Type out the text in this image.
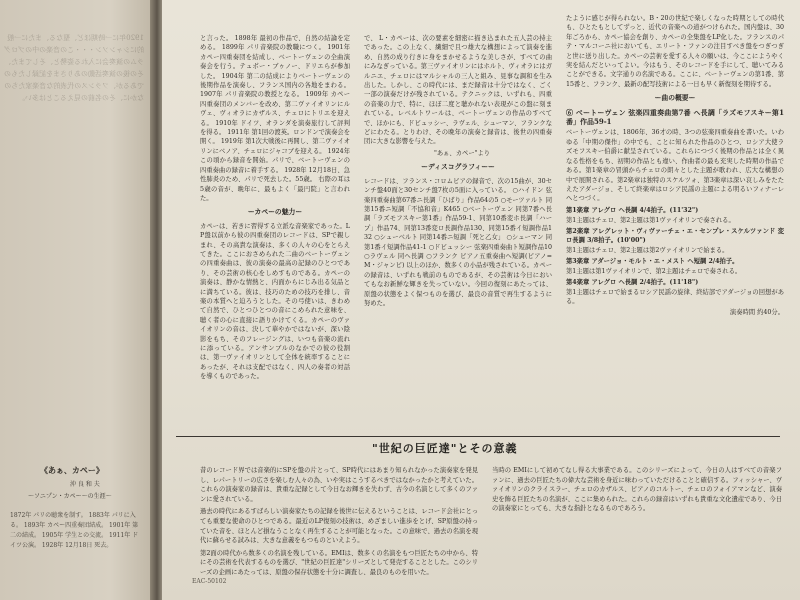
1920年に一時期ほど、聖なる、またに一般的にシャンソン・・・この音楽の中のプログラムの演奏会に入れる姿勢と、そしてまた、その後の演奏活動のありさまを記録したものであるが、フランスの代表的な音楽家たちのなかに、その名前の見えることは多い。
《あぁ、カペー》
沖 良 和 夫
〜ソニプン・カペー〜の生涯〜
1872年 パリの聴衆を制す。 1883年 パリに入る。 1893年 カペー四重奏団結成。 1901年 第二の結成。 1905年 学生との交流。 1911年 ドイツ公演。 1928年 12月18日 死去。

と言った。 1898年 最初の作品で、自然の結論を定める。 1899年 パリ音楽院の教職につく。 1901年 カペー四重奏団を結成し、ベートーヴェンの全曲演奏会を行う。テュボー・ブゥノー、ドリエらが参加した。 1904年 第二の結成によりベートーヴェンの後期作品を演奏し、フランス国内の各地をまわる。 1907年 パリ音楽院の教授となる。 1909年 カペー四重奏団のメンバーを改め、第二ヴァイオリンにルヴェ、ヴィオラにカザルス、チェロにトリエを迎える。 1910年 ドイツ、オランダを演奏旅行して評判を得る。 1911年 第1回の渡英。ロンドンで演奏会を開く。 1919年 第1次大戦後に再開し、第二ヴァイオリンにベノア、チェロにジャコブを迎える。 1924年 この頃から録音を開始。パリで、ベートーヴェンの四重奏曲の録音に着手する。 1928年 12月18日、急性肺炎のため、パリで死去した。55歳。 右際の耳は5歳の音が、晩年に、最もよく「最円院」と言われた。

ーカペーの魅力ー

カペーは、若きに習得する立派な音楽家であった。LP盤以前から彼の四重奏団のレコードは、SPで親しまれ、その高貴な演奏は、多くの人々の心をとらえてきた。ここにおさめられた二曲のベートーヴェンの四重奏曲は、彼の演奏の最高の記録のひとつであり、その芸術の核心をしめすものである。カペーの演奏は、静かな情熱と、内面からにじみ出る気品とに満ちている。彼は、技巧のための技巧を排し、音楽の本質へと迫ろうとした。その弓使いは、きわめて自然で、ひとつひとつの音にこめられた意味を、聴く者の心に直接に語りかけてくる。カペーのヴァイオリンの音は、決して華やかではないが、深い陰影をもち、そのフレージングは、いつも音楽の流れに添っている。アンサンブルのなかでの彼の役割は、第一ヴァイオリンとして全体を統率することにあったが、それは支配ではなく、四人の奏者の対話を導くものであった。

で、 L・カペーは、次の要素を細密に描き込まれた五人芸の持主であった。この上なく、繊細で且つ雄大な構想によって演奏を進め、自然の成り行きに身をまかせるような美しさが、すべての曲にみなぎっている。第三ヴァイオリンにはホルト、ヴィオラにはガルニエ、チェロにはマルシャルの三人と組み、見事な調和を生み出した。しかし、この時代には、まだ録音は十分ではなく、ごく一部の演奏だけが残されている。テクニックは、いずれも、四重の音楽の力で、特に、ほぼ二度と聴かれない表現がこの盤に刻まれている。レベルトワールは、ベートーヴェンの作品のすべてで、ほかにも、ドビュッシー、ラヴェル、シューマン、フランクなどにわたる。とりわけ、その晩年の演奏と録音は、後世の四重奏団に大きな影響を与えた。

"あぁ、カペー"より

ーディスコグラフィーー

レコードは、フランス・コロムビアの録音で、次の15曲が、30センチ盤40面と30センチ盤7枚の5面に入っている。 ○ハイドン 弦楽四重奏曲第67番ニ長調「ひばり」作品64の5 ○モーツァルト 同第15番ニ短調「不協和音」K465 ○ベートーヴェン 同第7番ヘ長調「ラズモフスキー第1番」作品59-1、同第10番変ホ長調「ハープ」作品74、同第13番変ロ長調作品130、同第15番イ短調作品132 ○シューベルト 同第14番ニ短調「死と乙女」 ○シューマン 同第1番イ短調作品41-1 ○ドビュッシー 弦楽四重奏曲ト短調作品10 ○ラヴェル 同ヘ長調 ○フランク ピアノ五重奏曲ヘ短調(ピアノ=M・ジャンピ) 以上のほか、数多くの小品が残されている。カペーの録音は、いずれも戦前のものであるが、その芸術は今日においてもなお新鮮な輝きを失っていない。今回の復刻にあたっては、原盤の状態をよく保つものを選び、最良の音質で再生するように努めた。

たように感じが得られない。B・20の世紀で楽しくなった時期としての時代も、ひとたもとしてずっと、近代の音楽への道がつけられた。国内盤は、30年ごろから、カペー協会を創り、カペーの全集盤をLP化した。フランスのパテ・マルコーニ社においても、エリート・ファンの注目すべき盤をつぎつぎと世に送り出した。カペーの芸術を愛する人々の願いは、今ここにようやく実を結んだといってよい。今はもう、そのレコードを手にして、聴いてみることができる。文字通りの名演である。ここに、ベートーヴェンの第1番、第15番と、フランク、最新の配写技術による一日も早く新復刻を期待する。

ー曲の概要ー
⑥ ベートーヴェン 弦楽四重奏曲第7番 ヘ長調「ラズモフスキー第1番」作品59-1

ベートーヴェンは、1806年、36才の時、3つの弦楽四重奏曲を書いた。いわゆる「中期の傑作」の中でも、ことに知られた作品のひとつ、ロシア大使ラズモフスキー伯爵に献呈されている。これらにつづく後期の作品とは全く異なる性格をもち、初期の作品とも違い、作曲者の最も充実した時期の作品である。第1楽章の冒頭からチェロの朗々とした主題が歌われ、広大な構想の中で展開される。第2楽章は独特のスケルツォ、第3楽章は深い哀しみをたたえたアダージョ、そして終楽章はロシア民謡の主題による明るいフィナーレへとつづく。

第1楽章 アレグロ ヘ長調 4/4拍子。(11'32")
第1主題はチェロ、第2主題は第1ヴァイオリンで奏される。
第2楽章 アレグレット・ヴィヴァーチェ・エ・センプレ・スケルツァンド 変ロ長調 3/8拍子。(10'00")
第1主題はチェロ、第2主題は第2ヴァイオリンで始まる。
第3楽章 アダージョ・モルト・エ・メスト ヘ短調 2/4拍子。
第1主題は第1ヴァイオリンで、第2主題はチェロで奏される。
第4楽章 アレグロ ヘ長調 2/4拍子。(11'18")
第1主題はチェロで始まるロシア民謡の旋律、終結部でアダージョの回想がある。
演奏時間 約40分。
"世紀の巨匠達"とその意義

昔のレコード界では音楽的にSPを盤の片とって、SP時代にはあまり知られなかった演奏家を発見し、レパートリーの広さを楽しむ人々の為、いや実はこうするべきではなかったかと考えていた。これらの演奏家の録音は、貴重な記録として今日なお輝きを失わず、古今の名演として多くのファンに愛されている。

過去の時代にあるすばらしい演奏家たちの記録を後世に伝えるということは、レコード会社にとっても重要な使命のひとつである。最近のLP復刻の技術は、めざましい進歩をとげ、SP原盤の持っていた音を、ほとんど損なうことなく再生することが可能となった。この意味で、過去の名演を現代に蘇らせる試みは、大きな意義をもつものといえよう。

第2面の時代から数多くの名演を残している。EMIは、数多くの名演をもつ巨匠たちの中から、特にその芸術を代表するものを選び、"世紀の巨匠達"シリーズとして発売することとした。このシリーズの企画にあたっては、原盤の保存状態を十分に調査し、最良のものを用いた。

当時の EMIにして初めてなし得る大事業である。このシリーズによって、今日の人はすべての音楽ファンに、過去の巨匠たちの偉大な芸術を身近に味わっていただけることと確信する。フィッシャー、ヴァイオリンのクライスラー、チェロのカザルス、ピアノのコルトー、チェロのフォイアマンなど、演奏史を飾る巨匠たちの名演が、ここに集められた。これらの録音はいずれも貴重な文化遺産であり、今日の演奏家にとっても、大きな指針となるものであろう。

EAC-50102
